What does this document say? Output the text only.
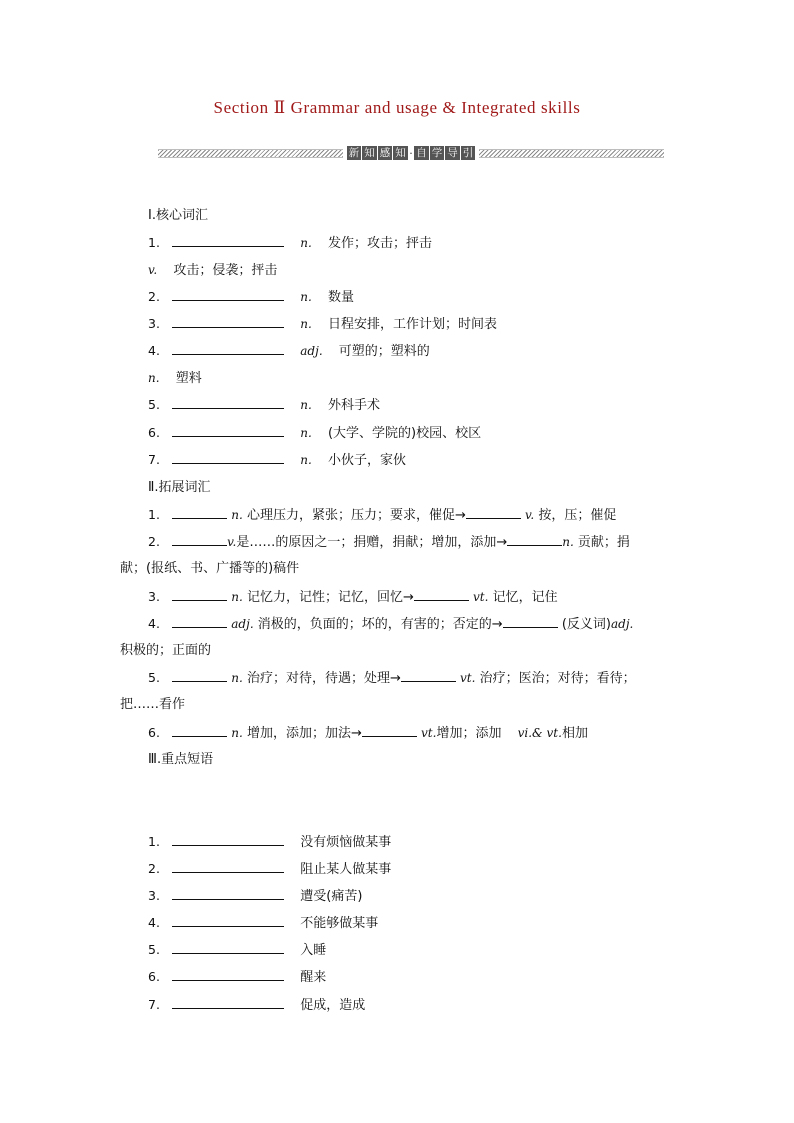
Section Ⅱ Grammar and usage & Integrated skills
新 知 感 知 · 自 学 导 引
Ⅰ.核心词汇
1.	n. 发作；攻击；抨击
v. 攻击；侵袭；抨击
2.	n. 数量
3.	n. 日程安排，工作计划；时间表
4.	adj. 可塑的；塑料的
n. 塑料
5.	n. 外科手术
6.	n. (大学、学院的)校园、校区
7.	n. 小伙子，家伙
Ⅱ.拓展词汇
1.	n. 心理压力，紧张；压力；要求，催促→	v. 按，压；催促
2.	v.是……的原因之一；捐赠，捐献；增加，添加→	n. 贡献；捐
献；(报纸、书、广播等的)稿件
3.	n. 记忆力，记性；记忆，回忆→	vt. 记忆，记住
4.	adj. 消极的，负面的；坏的，有害的；否定的→	(反义词)adj.
积极的；正面的
5.	n. 治疗；对待，待遇；处理→	vt. 治疗；医治；对待；看待；
把……看作
6.	n. 增加，添加；加法→	vt.增加；添加 vi.& vt.相加
Ⅲ.重点短语
1.	没有烦恼做某事
2.	阻止某人做某事
3.	遭受(痛苦)
4.	不能够做某事
5.	入睡
6.	醒来
7.	促成，造成
